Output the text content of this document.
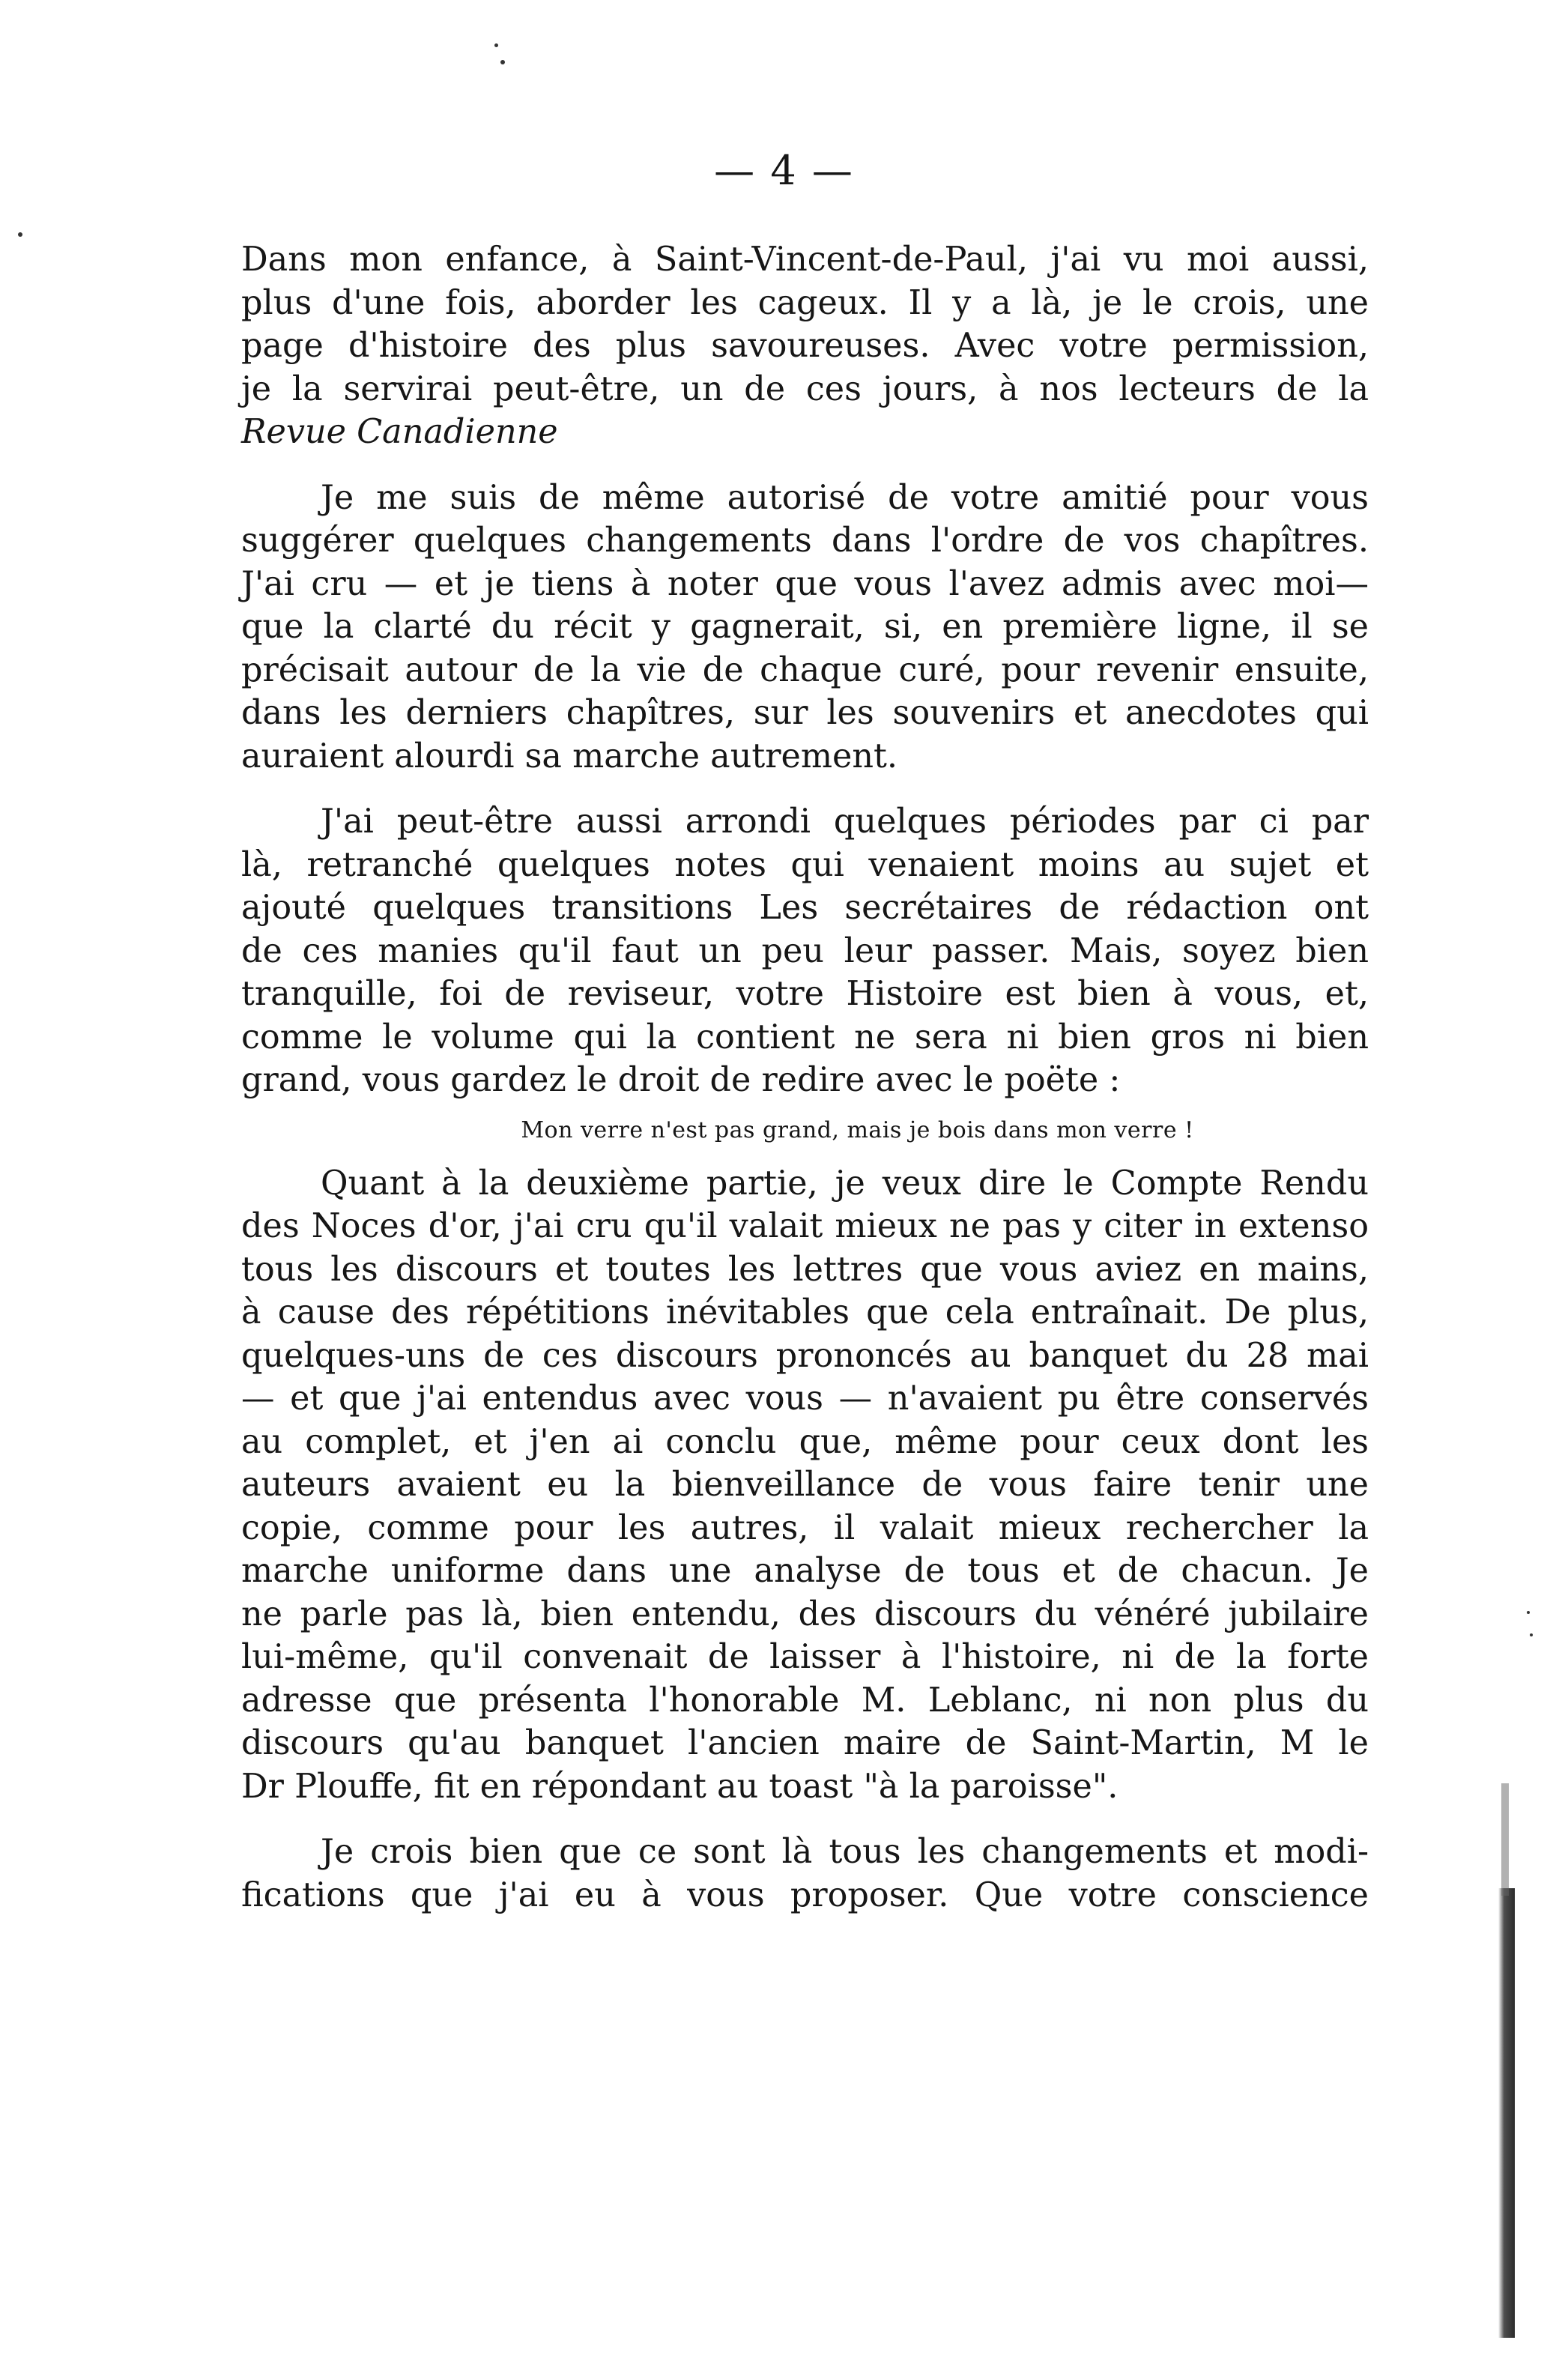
— 4 —
Dans mon enfance, à Saint-Vincent-de-Paul, j'ai vu moi aussi,
plus d'une fois, aborder les cageux. Il y a là, je le crois, une
page d'histoire des plus savoureuses. Avec votre permission,
je la servirai peut-être, un de ces jours, à nos lecteurs de la
Revue Canadienne
Je me suis de même autorisé de votre amitié pour vous
suggérer quelques changements dans l'ordre de vos chapîtres.
J'ai cru — et je tiens à noter que vous l'avez admis avec moi—
que la clarté du récit y gagnerait, si, en première ligne, il se
précisait autour de la vie de chaque curé, pour revenir ensuite,
dans les derniers chapîtres, sur les souvenirs et anecdotes qui
auraient alourdi sa marche autrement.
J'ai peut-être aussi arrondi quelques périodes par ci par
là, retranché quelques notes qui venaient moins au sujet et
ajouté quelques transitions Les secrétaires de rédaction ont
de ces manies qu'il faut un peu leur passer. Mais, soyez bien
tranquille, foi de reviseur, votre Histoire est bien à vous, et,
comme le volume qui la contient ne sera ni bien gros ni bien
grand, vous gardez le droit de redire avec le poëte :
Mon verre n'est pas grand, mais je bois dans mon verre !
Quant à la deuxième partie, je veux dire le Compte Rendu
des Noces d'or, j'ai cru qu'il valait mieux ne pas y citer in extenso
tous les discours et toutes les lettres que vous aviez en mains,
à cause des répétitions inévitables que cela entraînait. De plus,
quelques-uns de ces discours prononcés au banquet du 28 mai
— et que j'ai entendus avec vous — n'avaient pu être conservés
au complet, et j'en ai conclu que, même pour ceux dont les
auteurs avaient eu la bienveillance de vous faire tenir une
copie, comme pour les autres, il valait mieux rechercher la
marche uniforme dans une analyse de tous et de chacun. Je
ne parle pas là, bien entendu, des discours du vénéré jubilaire
lui-même, qu'il convenait de laisser à l'histoire, ni de la forte
adresse que présenta l'honorable M. Leblanc, ni non plus du
discours qu'au banquet l'ancien maire de Saint-Martin, M le
Dr Plouffe, fit en répondant au toast "à la paroisse".
Je crois bien que ce sont là tous les changements et modi-
fications que j'ai eu à vous proposer. Que votre conscience
